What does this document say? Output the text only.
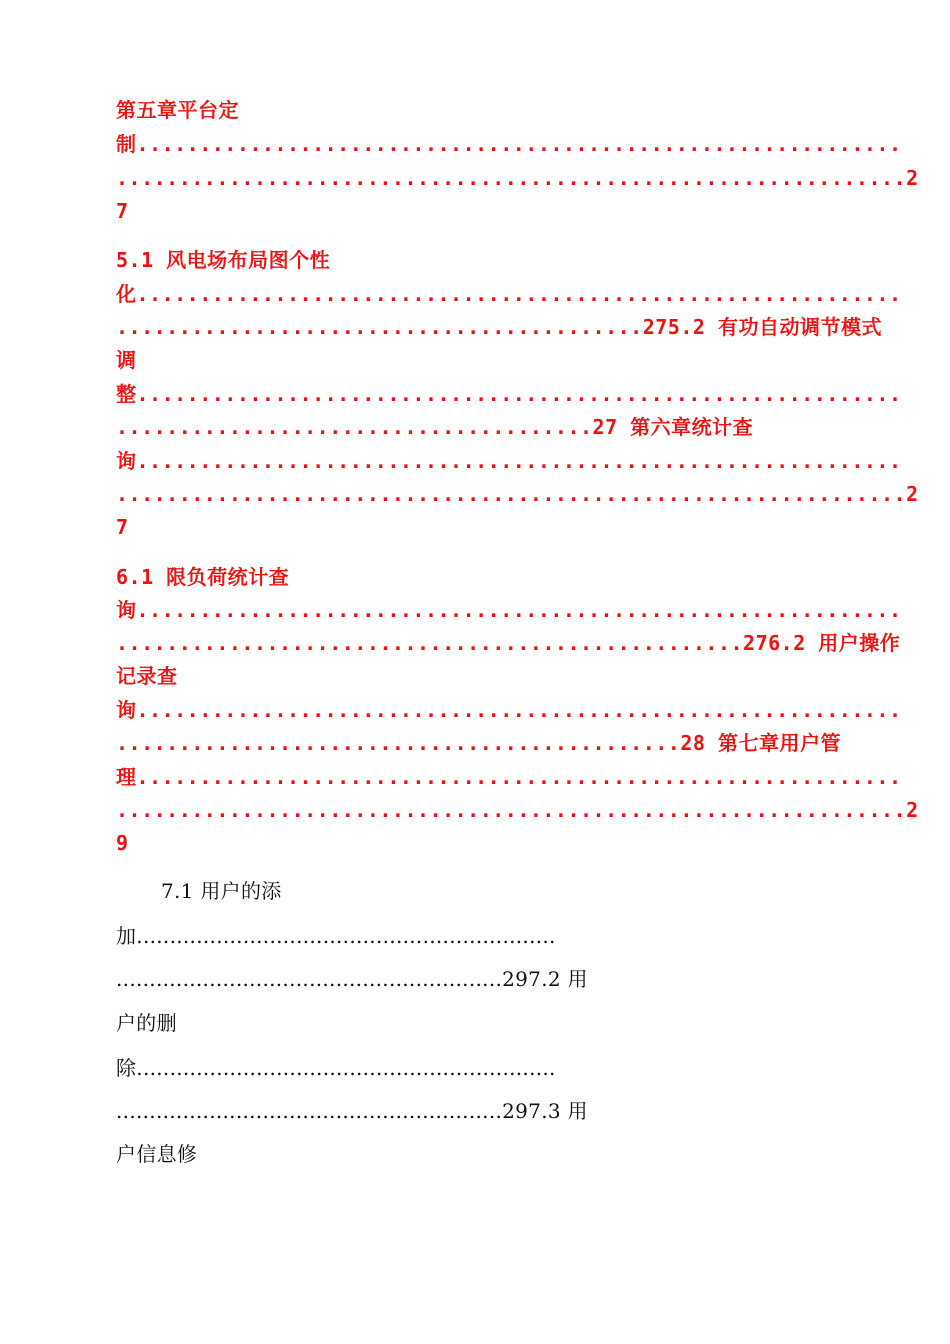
第五章平台定
制.............................................................
...............................................................2
7
5.1 风电场布局图个性
化.............................................................
..........................................275.2 有功自动调节模式
调
整.............................................................
......................................27 第六章统计查
询.............................................................
...............................................................2
7
6.1 限负荷统计查
询.............................................................
..................................................276.2 用户操作
记录查
询.............................................................
.............................................28 第七章用户管
理.............................................................
...............................................................2
9
7.1 用户的添
加...............................................................
..........................................................297.2 用
户的删
除...............................................................
..........................................................297.3 用
户信息修
